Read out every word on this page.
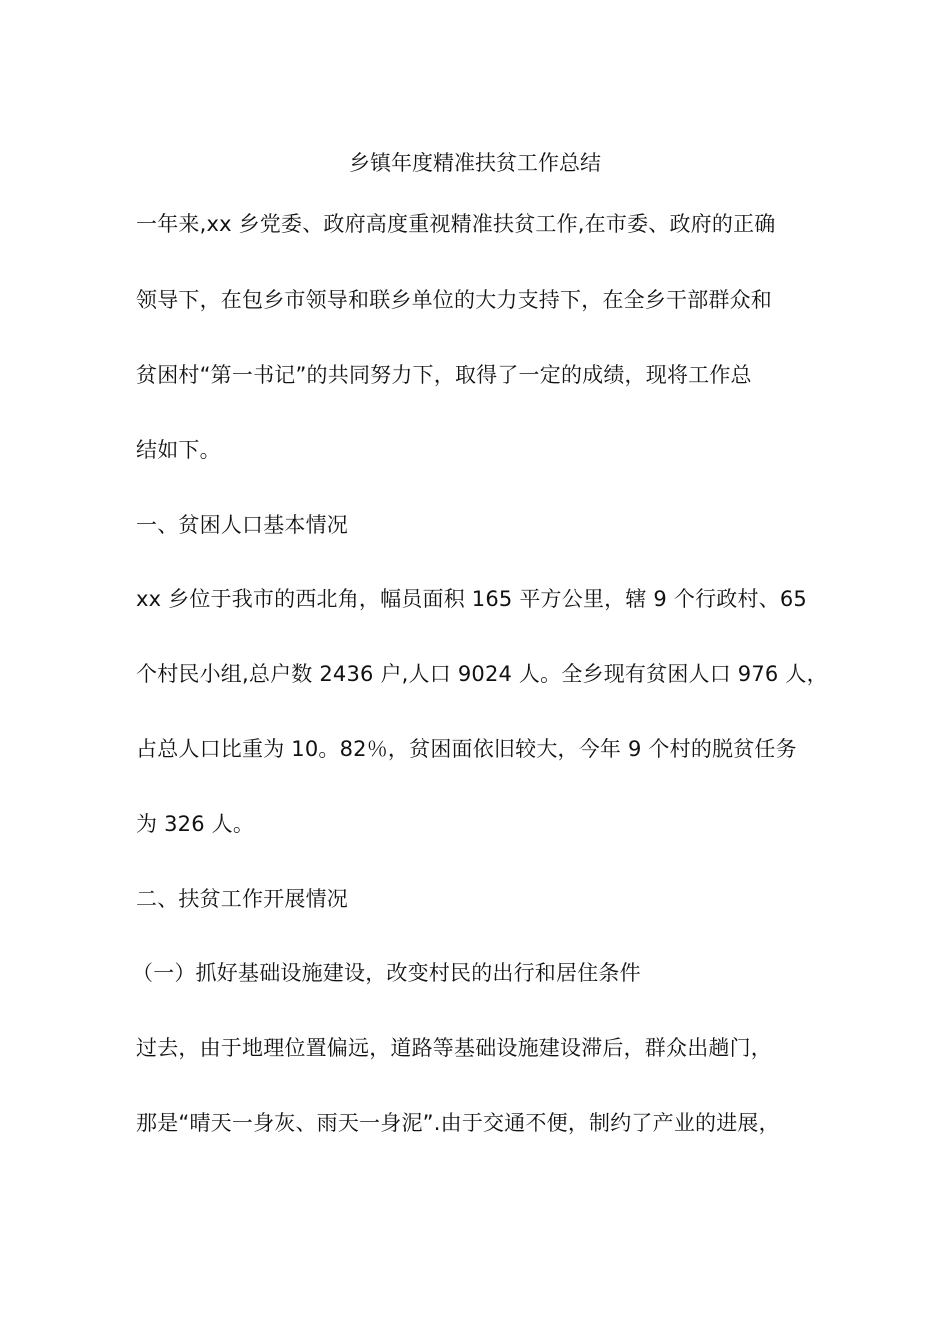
乡镇年度精准扶贫工作总结
一年来,xx 乡党委、政府高度重视精准扶贫工作,在市委、政府的正确
领导下，在包乡市领导和联乡单位的大力支持下，在全乡干部群众和
贫困村“第一书记”的共同努力下，取得了一定的成绩，现将工作总
结如下。
一、贫困人口基本情况
xx 乡位于我市的西北角，幅员面积 165 平方公里，辖 9 个行政村、65
个村民小组,总户数 2436 户,人口 9024 人。全乡现有贫困人口 976 人，
占总人口比重为 10。82％，贫困面依旧较大，今年 9 个村的脱贫任务
为 326 人。
二、扶贫工作开展情况
（一）抓好基础设施建设，改变村民的出行和居住条件
过去，由于地理位置偏远，道路等基础设施建设滞后，群众出趟门，
那是“晴天一身灰、雨天一身泥”.由于交通不便，制约了产业的进展，
